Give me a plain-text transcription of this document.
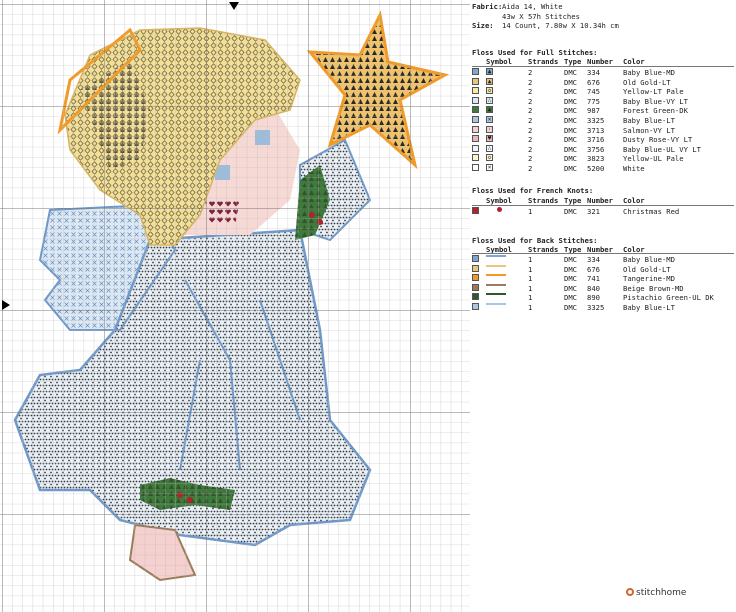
Fabric:Aida 14, White
43w X 57h Stitches
Size: 14 Count, 7.80w X 10.34h cm
Floss Used for Full Stitches:
Symbol Strands Type Number Color
▲	2	DMC 334	Baby Blue-MD
▲	2	DMC 676	Old Gold-LT
◇	2	DMC 745	Yellow-LT Pale
∴	2	DMC 775	Baby Blue-VY LT
▲	2	DMC 987	Forest Green-DK
✕	2	DMC 3325	Baby Blue-LT
·	2	DMC 3713	Salmon-VY LT
♥	2	DMC 3716	Dusty Rose-VY LT
∴	2	DMC 3756	Baby Blue-UL VY LT
◇	2	DMC 3823	Yellow-UL Pale
×	2	DMC 5200	White
Floss Used for French Knots:
Symbol Strands Type Number Color
1	DMC 321	Christmas Red
Floss Used for Back Stitches:
Symbol Strands Type Number Color
1	DMC 334	Baby Blue-MD
1	DMC 676	Old Gold-LT
1	DMC 741	Tangerine-MD
1	DMC 840	Beige Brown-MD
1	DMC 890	Pistachio Green-UL DK
1	DMC 3325	Baby Blue-LT
stitchhome
